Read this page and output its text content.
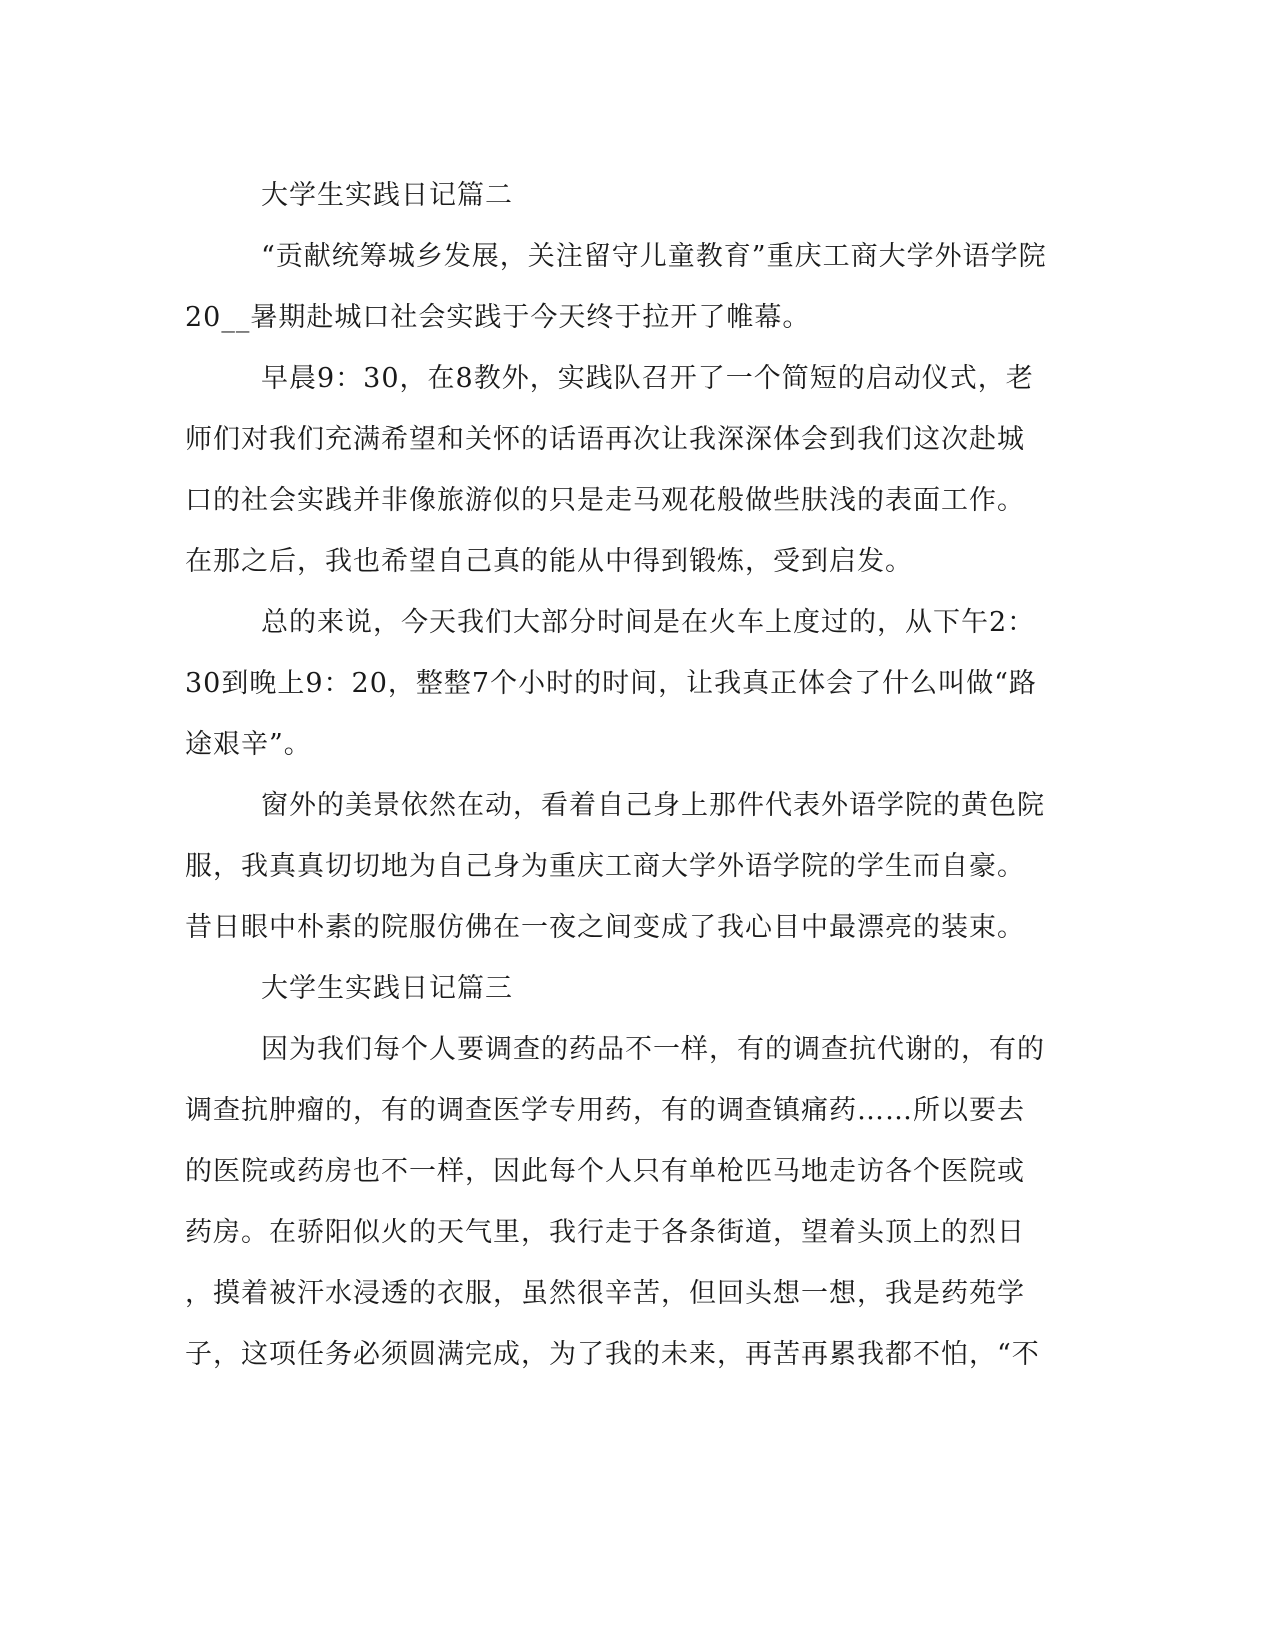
大学生实践日记篇二
“贡献统筹城乡发展，关注留守儿童教育”重庆工商大学外语学院
20__暑期赴城口社会实践于今天终于拉开了帷幕。
早晨9：30，在8教外，实践队召开了一个简短的启动仪式，老
师们对我们充满希望和关怀的话语再次让我深深体会到我们这次赴城
口的社会实践并非像旅游似的只是走马观花般做些肤浅的表面工作。
在那之后，我也希望自己真的能从中得到锻炼，受到启发。
总的来说，今天我们大部分时间是在火车上度过的，从下午2：
30到晚上9：20，整整7个小时的时间，让我真正体会了什么叫做“路
途艰辛”。
窗外的美景依然在动，看着自己身上那件代表外语学院的黄色院
服，我真真切切地为自己身为重庆工商大学外语学院的学生而自豪。
昔日眼中朴素的院服仿佛在一夜之间变成了我心目中最漂亮的装束。
大学生实践日记篇三
因为我们每个人要调查的药品不一样，有的调查抗代谢的，有的
调查抗肿瘤的，有的调查医学专用药，有的调查镇痛药……所以要去
的医院或药房也不一样，因此每个人只有单枪匹马地走访各个医院或
药房。在骄阳似火的天气里，我行走于各条街道，望着头顶上的烈日
，摸着被汗水浸透的衣服，虽然很辛苦，但回头想一想，我是药苑学
子，这项任务必须圆满完成，为了我的未来，再苦再累我都不怕，“不
